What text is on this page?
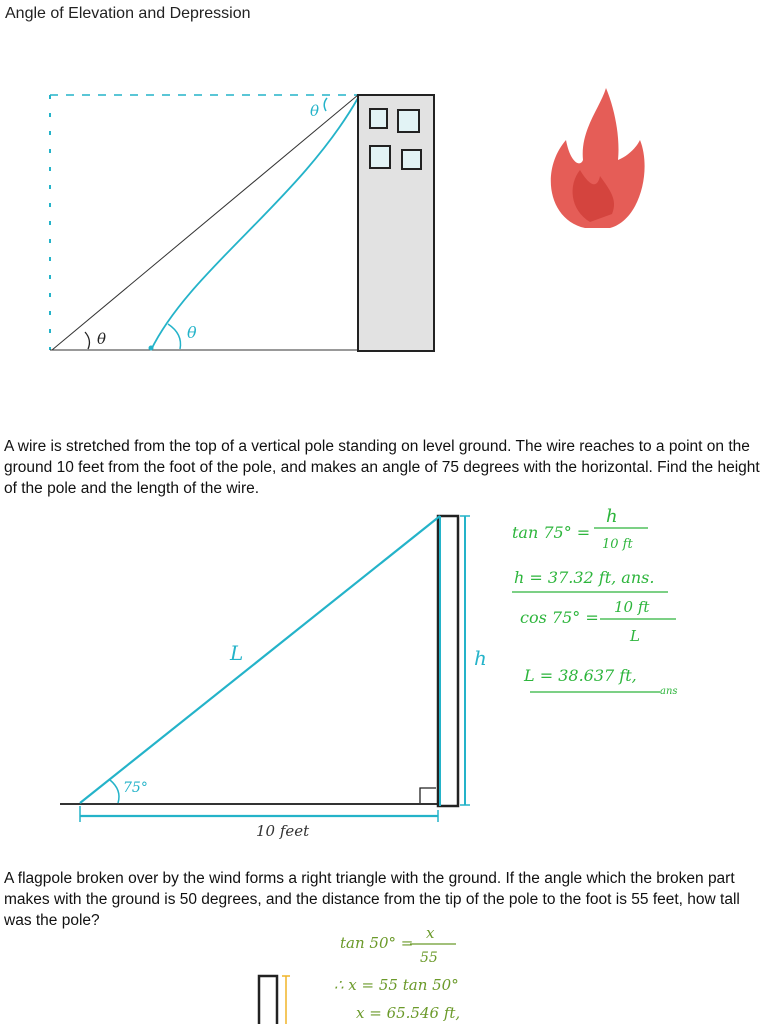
Angle of Elevation and Depression
θ	θ
θ
A wire is stretched from the top of a vertical pole standing on level ground. The wire reaches to a point on the ground 10 feet from the foot of the pole, and makes an angle of 75 degrees with the horizontal. Find the height of the pole and the length of the wire.
L	h
75°
10 feet
tan 75° =
h
10 ft
h = 37.32 ft, ans.
cos 75° =
10 ft
L
L = 38.637 ft,
ans
A flagpole broken over by the wind forms a right triangle with the ground. If the angle which the broken part makes with the ground is 50 degrees, and the distance from the tip of the pole to the foot is 55 feet, how tall was the pole?
tan 50° =
x
55
∴ x = 55 tan 50°
x = 65.546 ft,
